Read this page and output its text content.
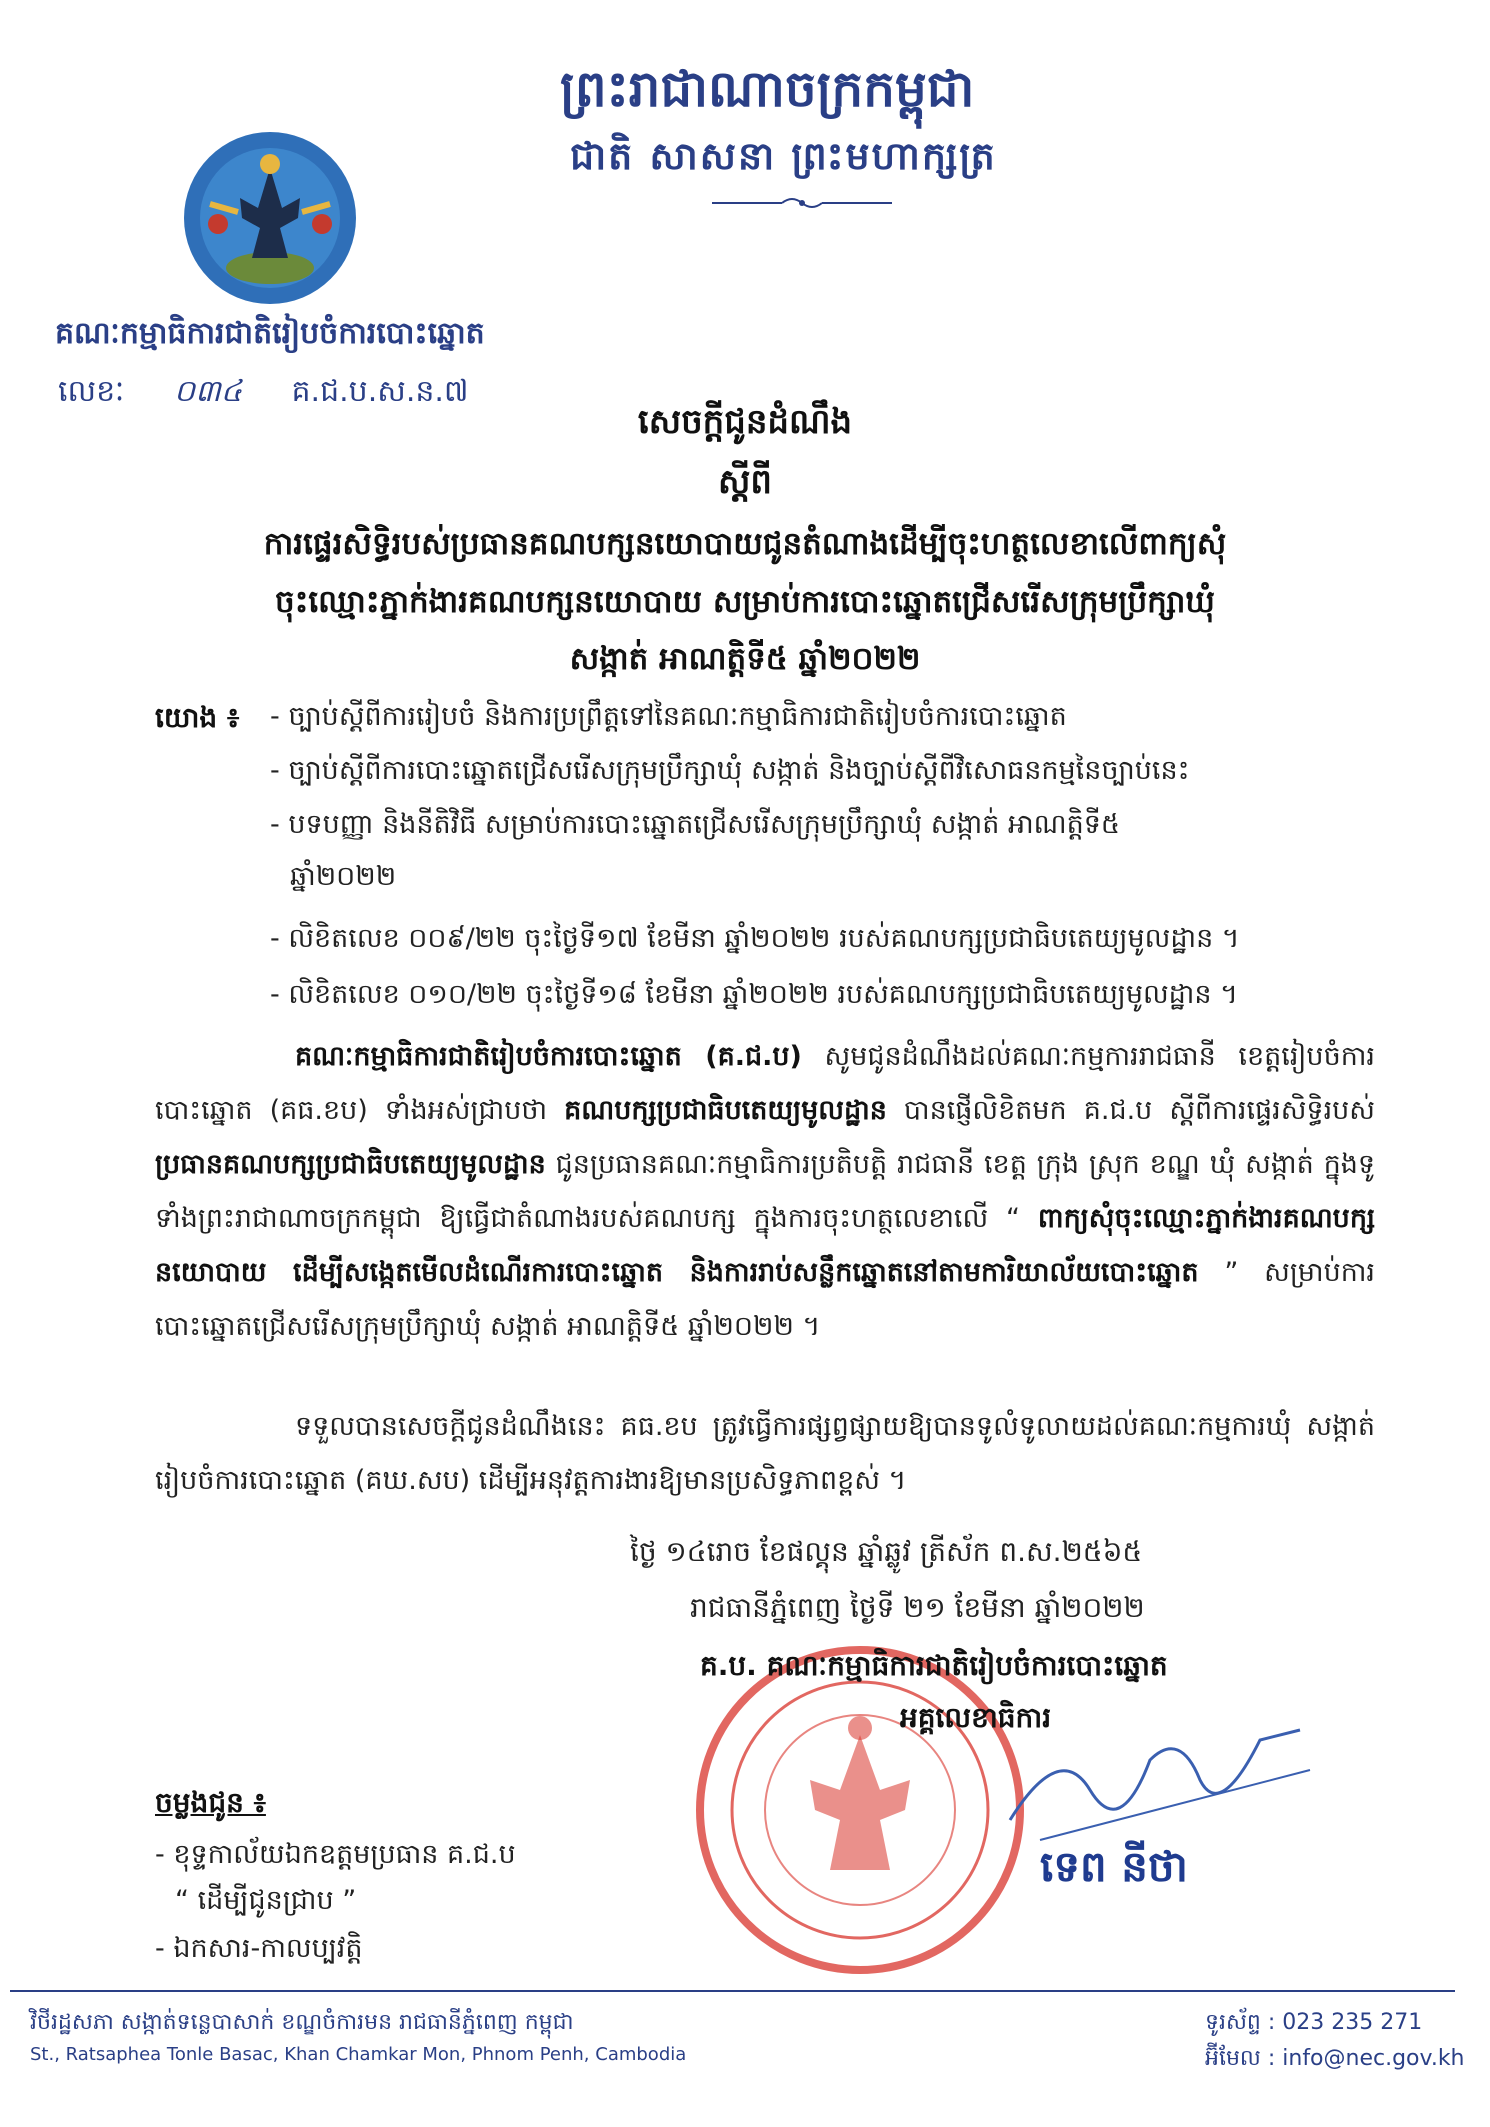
ព្រះរាជាណាចក្រកម្ពុជា
ជាតិ សាសនា ព្រះមហាក្សត្រ
គណៈកម្មាធិការជាតិរៀបចំការបោះឆ្នោត
លេខៈ ០៣៤ គ.ជ.ប.ស.ន.៧
សេចក្តីជូនដំណឹង
ស្តីពី
ការផ្ទេរសិទ្ធិរបស់ប្រធានគណបក្សនយោបាយជូនតំណាងដើម្បីចុះហត្ថលេខាលើពាក្យសុំ
ចុះឈ្មោះភ្នាក់ងារគណបក្សនយោបាយ សម្រាប់ការបោះឆ្នោតជ្រើសរើសក្រុមប្រឹក្សាឃុំ
សង្កាត់ អាណត្តិទី៥ ឆ្នាំ២០២២
យោង ៖ - ច្បាប់ស្តីពីការរៀបចំ និងការប្រព្រឹត្តទៅនៃគណៈកម្មាធិការជាតិរៀបចំការបោះឆ្នោត
- ច្បាប់ស្តីពីការបោះឆ្នោតជ្រើសរើសក្រុមប្រឹក្សាឃុំ សង្កាត់ និងច្បាប់ស្តីពីវិសោធនកម្មនៃច្បាប់នេះ
- បទបញ្ញា និងនីតិវិធី សម្រាប់ការបោះឆ្នោតជ្រើសរើសក្រុមប្រឹក្សាឃុំ សង្កាត់ អាណត្តិទី៥
ឆ្នាំ២០២២
- លិខិតលេខ ០០៩/២២ ចុះថ្ងៃទី១៧ ខែមីនា ឆ្នាំ២០២២ របស់គណបក្សប្រជាធិបតេយ្យមូលដ្ឋាន ។
- លិខិតលេខ ០១០/២២ ចុះថ្ងៃទី១៨ ខែមីនា ឆ្នាំ២០២២ របស់គណបក្សប្រជាធិបតេយ្យមូលដ្ឋាន ។
គណៈកម្មាធិការជាតិរៀបចំការបោះឆ្នោត (គ.ជ.ប) សូមជូនដំណឹងដល់គណៈកម្មការរាជធានី ខេត្តរៀបចំការបោះឆ្នោត (គធ.ខប) ទាំងអស់ជ្រាបថា គណបក្សប្រជាធិបតេយ្យមូលដ្ឋាន បានផ្ញើលិខិតមក គ.ជ.ប ស្តីពីការផ្ទេរសិទ្ធិរបស់ ប្រធានគណបក្សប្រជាធិបតេយ្យមូលដ្ឋាន ជូនប្រធានគណៈកម្មាធិការប្រតិបត្តិ រាជធានី ខេត្ត ក្រុង ស្រុក ខណ្ឌ ឃុំ សង្កាត់ ក្នុងទូទាំងព្រះរាជាណាចក្រកម្ពុជា ឱ្យធ្វើជាតំណាងរបស់គណបក្ស ក្នុងការចុះហត្ថលេខាលើ “ ពាក្យសុំចុះឈ្មោះភ្នាក់ងារគណបក្សនយោបាយ ដើម្បីសង្កេតមើលដំណើរការបោះឆ្នោត និងការរាប់សន្លឹកឆ្នោតនៅតាមការិយាល័យបោះឆ្នោត ” សម្រាប់ការបោះឆ្នោតជ្រើសរើសក្រុមប្រឹក្សាឃុំ សង្កាត់ អាណត្តិទី៥ ឆ្នាំ២០២២ ។
ទទួលបានសេចក្តីជូនដំណឹងនេះ គធ.ខប ត្រូវធ្វើការផ្សព្វផ្សាយឱ្យបានទូលំទូលាយដល់គណៈកម្មការឃុំ សង្កាត់រៀបចំការបោះឆ្នោត (គឃ.សប) ដើម្បីអនុវត្តការងារឱ្យមានប្រសិទ្ធភាពខ្ពស់ ។
ថ្ងៃ ១៤រោច ខែផល្គុន ឆ្នាំឆ្លូវ ត្រីស័ក ព.ស.២៥៦៥
រាជធានីភ្នំពេញ ថ្ងៃទី ២១ ខែមីនា ឆ្នាំ២០២២
គ.ប. គណៈកម្មាធិការជាតិរៀបចំការបោះឆ្នោត
អគ្គលេខាធិការ
ទេព នីថា
ចម្លងជូន ៖
- ខុទ្ទកាល័យឯកឧត្តមប្រធាន គ.ជ.ប
“ ដើម្បីជូនជ្រាប ”
- ឯកសារ-កាលប្បវត្តិ
វិថីរដ្ឋសភា សង្កាត់ទន្លេបាសាក់ ខណ្ឌចំការមន រាជធានីភ្នំពេញ កម្ពុជា
St., Ratsaphea Tonle Basac, Khan Chamkar Mon, Phnom Penh, Cambodia
ទូរស័ព្ទ : 023 235 271
អ៊ីមែល : info@nec.gov.kh
